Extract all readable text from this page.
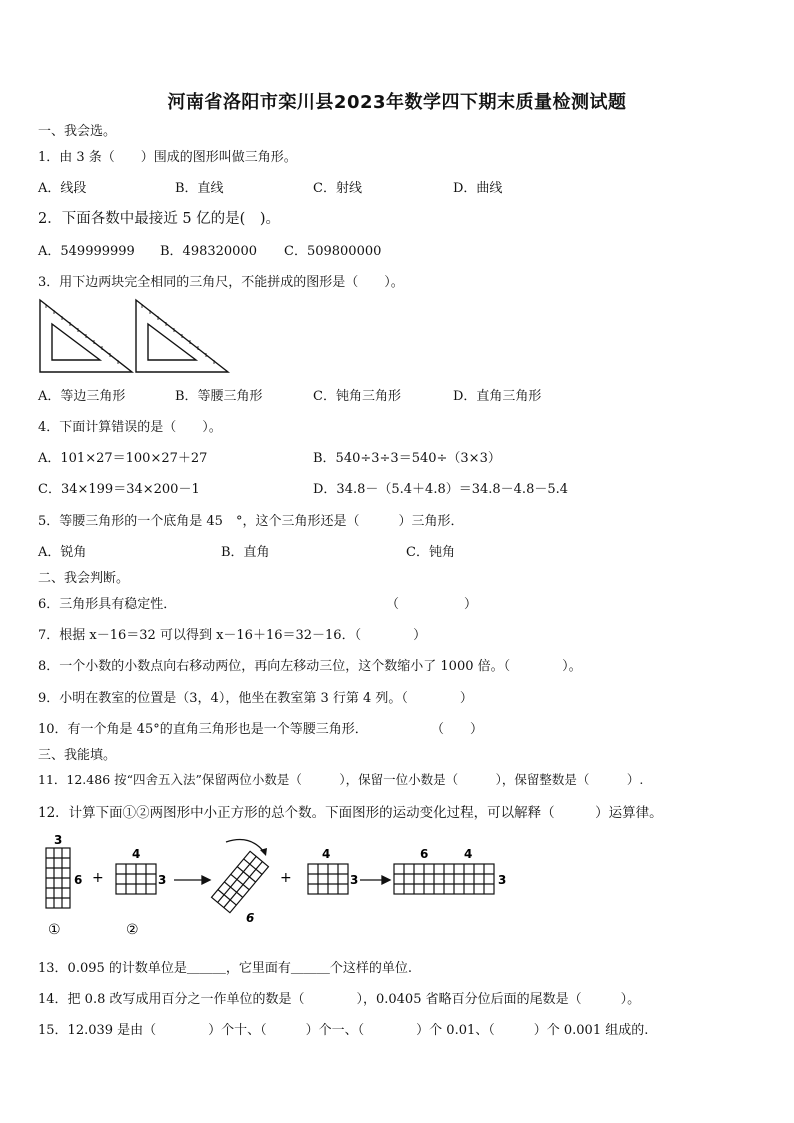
河南省洛阳市栾川县2023年数学四下期末质量检测试题
一、我会选。
1．由 3 条（　　）围成的图形叫做三角形。
A．线段	B．直线	C．射线	D．曲线
2．下面各数中最接近 5 亿的是(　)。
A．549999999 B．498320000 C．509800000
3．用下边两块完全相同的三角尺，不能拼成的图形是（　　）。
A．等边三角形	B．等腰三角形	C．钝角三角形	D．直角三角形
4．下面计算错误的是（　　）。
A．101×27＝100×27＋27	B．540÷3÷3＝540÷（3×3）
C．34×199＝34×200－1	D．34.8－（5.4＋4.8）＝34.8－4.8－5.4
5．等腰三角形的一个底角是 45　°，这个三角形还是（　　　）三角形．
A．锐角	B．直角	C．钝角
二、我会判断。
6．三角形具有稳定性．	（　　　　　）
7．根据 x－16＝32 可以得到 x－16＋16＝32－16．（　　　　）
8．一个小数的小数点向右移动两位，再向左移动三位，这个数缩小了 1000 倍。（　　　　）。
9．小明在教室的位置是（3，4），他坐在教室第 3 行第 4 列。（　　　　）
10．有一个角是 45°的直角三角形也是一个等腰三角形．	（　　）
三、我能填。
11．12.486 按“四舍五入法”保留两位小数是（　　　），保留一位小数是（　　　），保留整数是（　　　）.
12．计算下面①②两图形中小正方形的总个数。下面图形的运动变化过程，可以解释（　　　）运算律。
3
6 +
4
3
6
+
4
3
6	4
3
①	②
13．0.095 的计数单位是＿＿＿，它里面有＿＿＿个这样的单位.
14．把 0.8 改写成用百分之一作单位的数是（　　　　），0.0405 省略百分位后面的尾数是（　　　）。
15．12.039 是由（　　　　）个十、（　　　）个一、（　　　　）个 0.01、（　　　）个 0.001 组成的.
